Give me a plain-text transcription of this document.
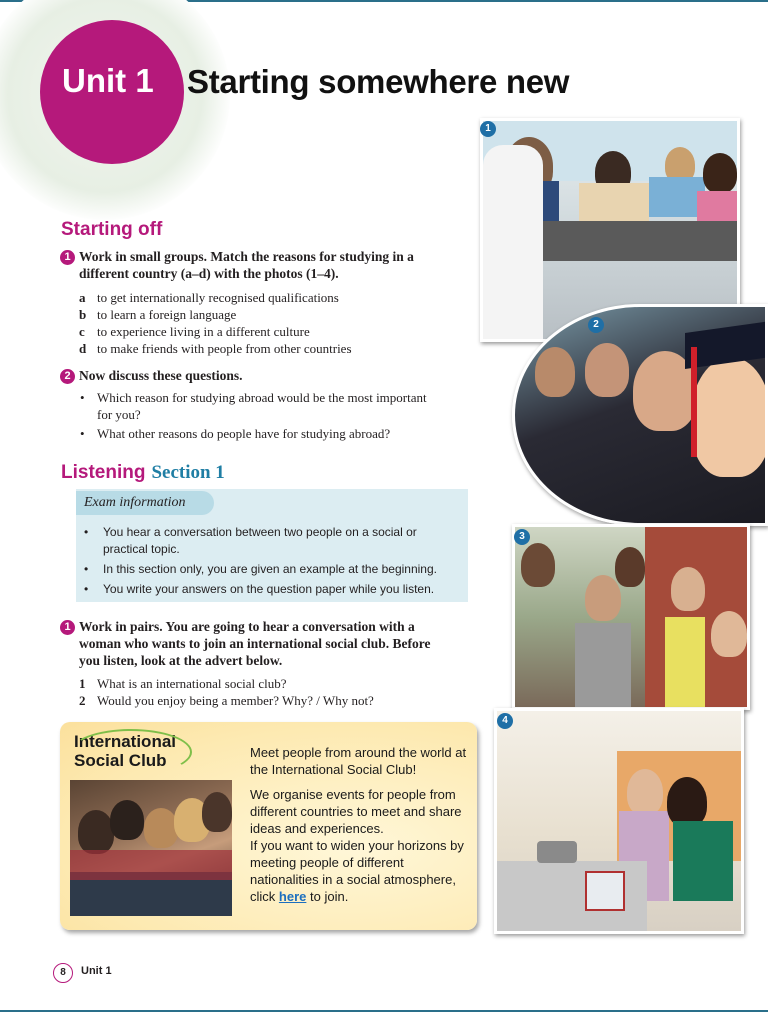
Unit 1 Starting somewhere new
Starting off
1 Work in small groups. Match the reasons for studying in a
different country (a–d) with the photos (1–4).
a to get internationally recognised qualifications
b to learn a foreign language
c to experience living in a different culture
d to make friends with people from other countries
2 Now discuss these questions.
• Which reason for studying abroad would be the most important
for you?
• What other reasons do people have for studying abroad?
Listening Section 1
Exam information
•	You hear a conversation between two people on a social or
practical topic.
•	In this section only, you are given an example at the beginning.
•	You write your answers on the question paper while you listen.
1 Work in pairs. You are going to hear a conversation with a
woman who wants to join an international social club. Before
you listen, look at the advert below.
1 What is an international social club?
2 Would you enjoy being a member? Why? / Why not?
International
Social Club	Meet people from around the world at the International Social Club!

We organise events for people from different countries to meet and share ideas and experiences.

If you want to widen your horizons by meeting people of different nationalities in a social atmosphere, click here to join.

1
2
3
4
8	Unit 1
